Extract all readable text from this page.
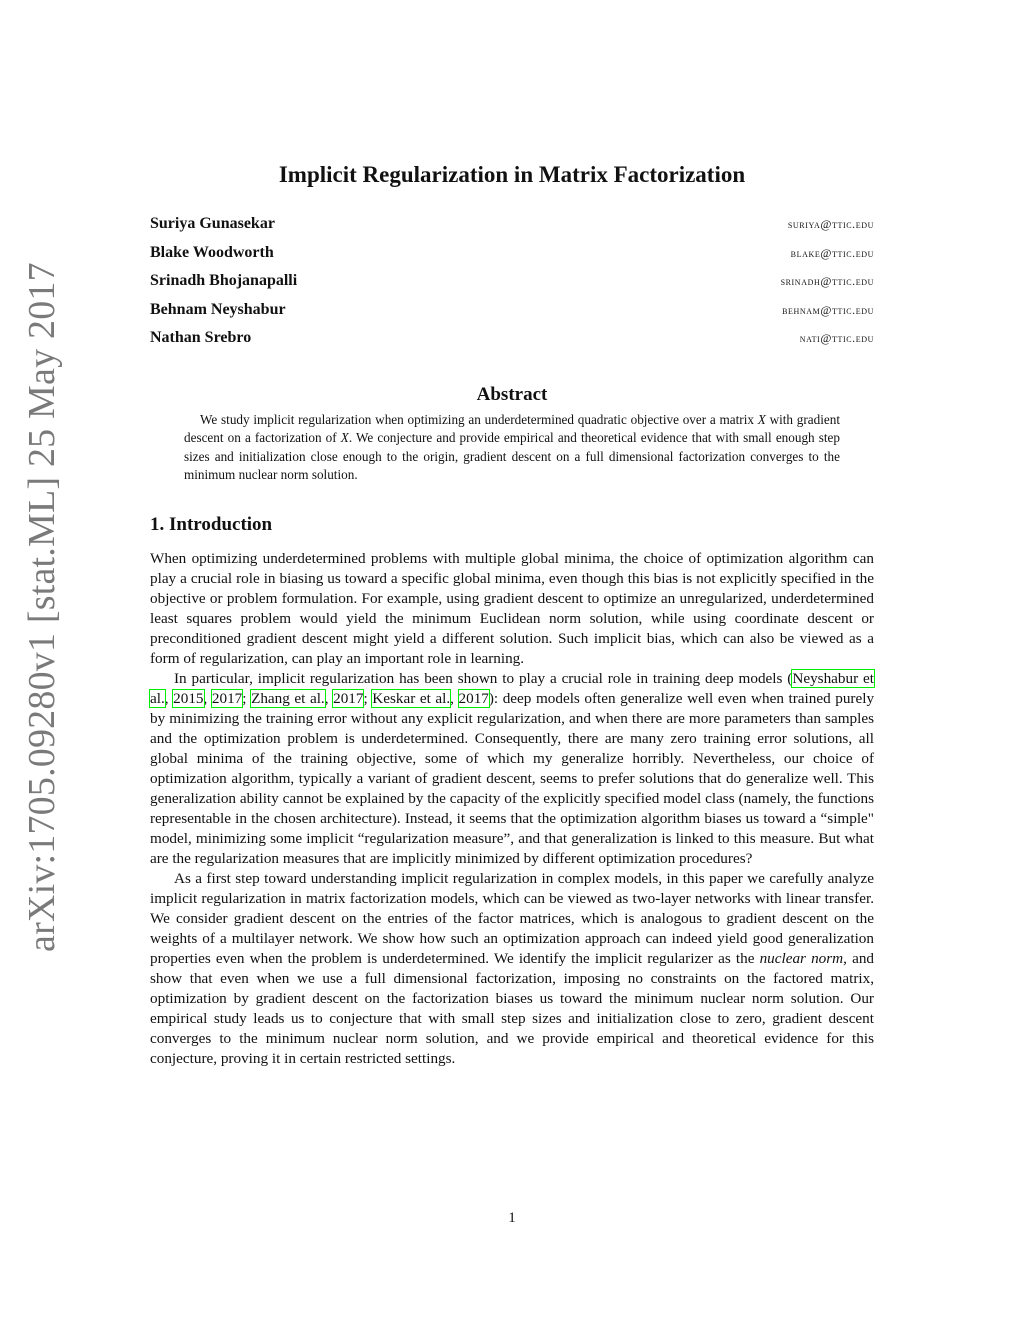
arXiv:1705.09280v1 [stat.ML] 25 May 2017
Implicit Regularization in Matrix Factorization
Suriya Gunasekar	suriya@ttic.edu
Blake Woodworth	blake@ttic.edu
Srinadh Bhojanapalli	srinadh@ttic.edu
Behnam Neyshabur	behnam@ttic.edu
Nathan Srebro	nati@ttic.edu
Abstract
We study implicit regularization when optimizing an underdetermined quadratic objective over a matrix X with gradient descent on a factorization of X. We conjecture and provide empirical and theoretical evidence that with small enough step sizes and initialization close enough to the origin, gradient descent on a full dimensional factorization converges to the minimum nuclear norm solution.
1. Introduction

When optimizing underdetermined problems with multiple global minima, the choice of optimization algorithm can play a crucial role in biasing us toward a specific global minima, even though this bias is not explicitly specified in the objective or problem formulation. For example, using gradient descent to optimize an unregularized, underdetermined least squares problem would yield the minimum Euclidean norm solution, while using coordinate descent or preconditioned gradient descent might yield a different solution. Such implicit bias, which can also be viewed as a form of regularization, can play an important role in learning.

In particular, implicit regularization has been shown to play a crucial role in training deep models (Neyshabur et al., 2015, 2017; Zhang et al., 2017; Keskar et al., 2017): deep models often generalize well even when trained purely by minimizing the training error without any explicit regularization, and when there are more parameters than samples and the optimization problem is underdetermined. Consequently, there are many zero training error solutions, all global minima of the training objective, some of which my generalize horribly. Nevertheless, our choice of optimization algorithm, typically a variant of gradient descent, seems to prefer solutions that do generalize well. This generalization ability cannot be explained by the capacity of the explicitly specified model class (namely, the functions representable in the chosen architecture). Instead, it seems that the optimization algorithm biases us toward a “simple" model, minimizing some implicit “regularization measure”, and that generalization is linked to this measure. But what are the regularization measures that are implicitly minimized by different optimization procedures?

As a first step toward understanding implicit regularization in complex models, in this paper we carefully analyze implicit regularization in matrix factorization models, which can be viewed as two-layer networks with linear transfer. We consider gradient descent on the entries of the factor matrices, which is analogous to gradient descent on the weights of a multilayer network. We show how such an optimization approach can indeed yield good generalization properties even when the problem is underdetermined. We identify the implicit regularizer as the nuclear norm, and show that even when we use a full dimensional factorization, imposing no constraints on the factored matrix, optimization by gradient descent on the factorization biases us toward the minimum nuclear norm solution. Our empirical study leads us to conjecture that with small step sizes and initialization close to zero, gradient descent converges to the minimum nuclear norm solution, and we provide empirical and theoretical evidence for this conjecture, proving it in certain restricted settings.

1
